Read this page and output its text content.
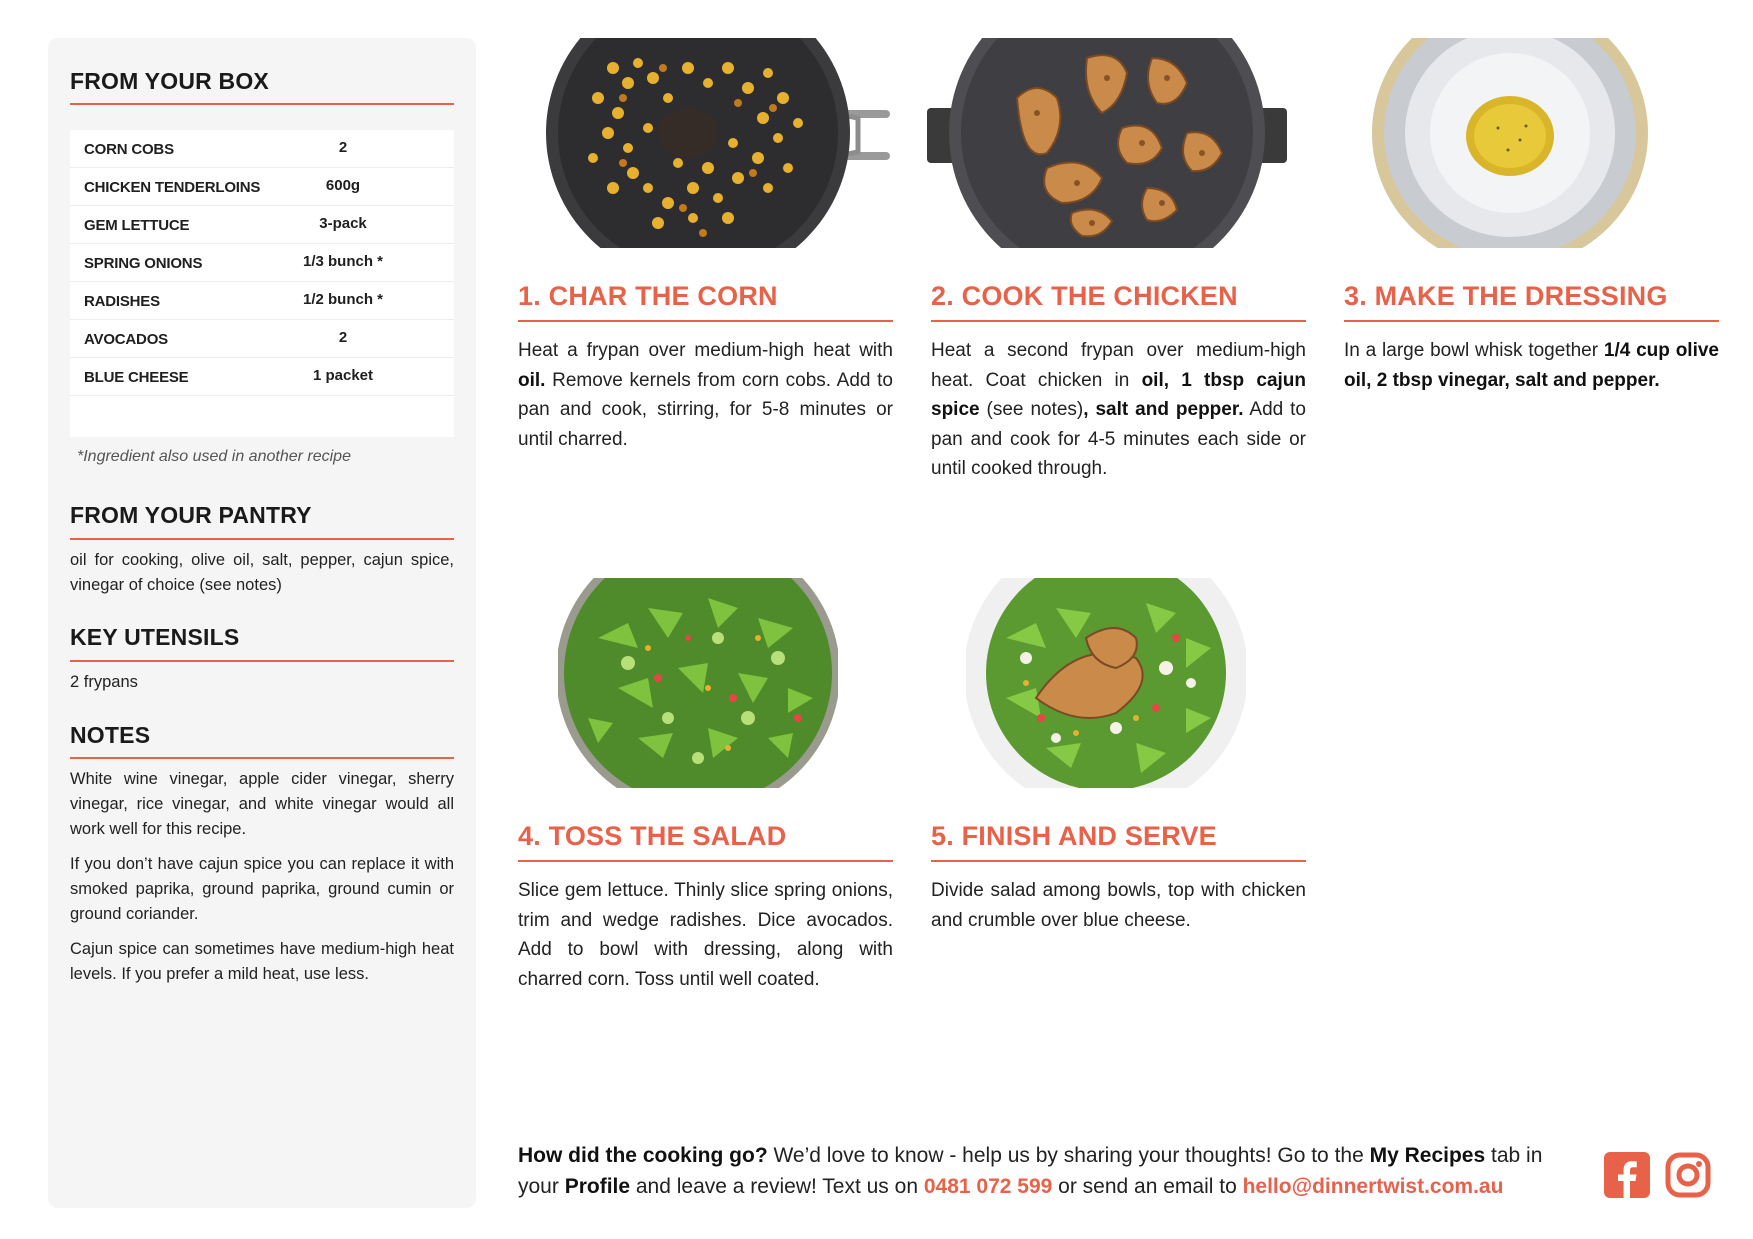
FROM YOUR BOX
CORN COBS	2
CHICKEN TENDERLOINS	600g
GEM LETTUCE	3-pack
SPRING ONIONS	1/3 bunch *
RADISHES	1/2 bunch *
AVOCADOS	2
BLUE CHEESE	1 packet
*Ingredient also used in another recipe
FROM YOUR PANTRY
oil for cooking, olive oil, salt, pepper, cajun spice, vinegar of choice (see notes)
KEY UTENSILS
2 frypans
NOTES
White wine vinegar, apple cider vinegar, sherry vinegar, rice vinegar, and white vinegar would all work well for this recipe.
If you don’t have cajun spice you can replace it with smoked paprika, ground paprika, ground cumin or ground coriander.
Cajun spice can sometimes have medium-high heat levels. If you prefer a mild heat, use less.
1. CHAR THE CORN
Heat a frypan over medium-high heat with oil. Remove kernels from corn cobs. Add to pan and cook, stirring, for 5-8 minutes or until charred.
2. COOK THE CHICKEN
Heat a second frypan over medium-high heat. Coat chicken in oil, 1 tbsp cajun spice (see notes), salt and pepper. Add to pan and cook for 4-5 minutes each side or until cooked through.
3. MAKE THE DRESSING
In a large bowl whisk together 1/4 cup olive oil, 2 tbsp vinegar, salt and pepper.
4. TOSS THE SALAD
Slice gem lettuce. Thinly slice spring onions, trim and wedge radishes. Dice avocados. Add to bowl with dressing, along with charred corn. Toss until well coated.
5. FINISH AND SERVE
Divide salad among bowls, top with chicken and crumble over blue cheese.
How did the cooking go? We’d love to know - help us by sharing your thoughts! Go to the My Recipes tab in your Profile and leave a review! Text us on 0481 072 599 or send an email to hello@dinnertwist.com.au
